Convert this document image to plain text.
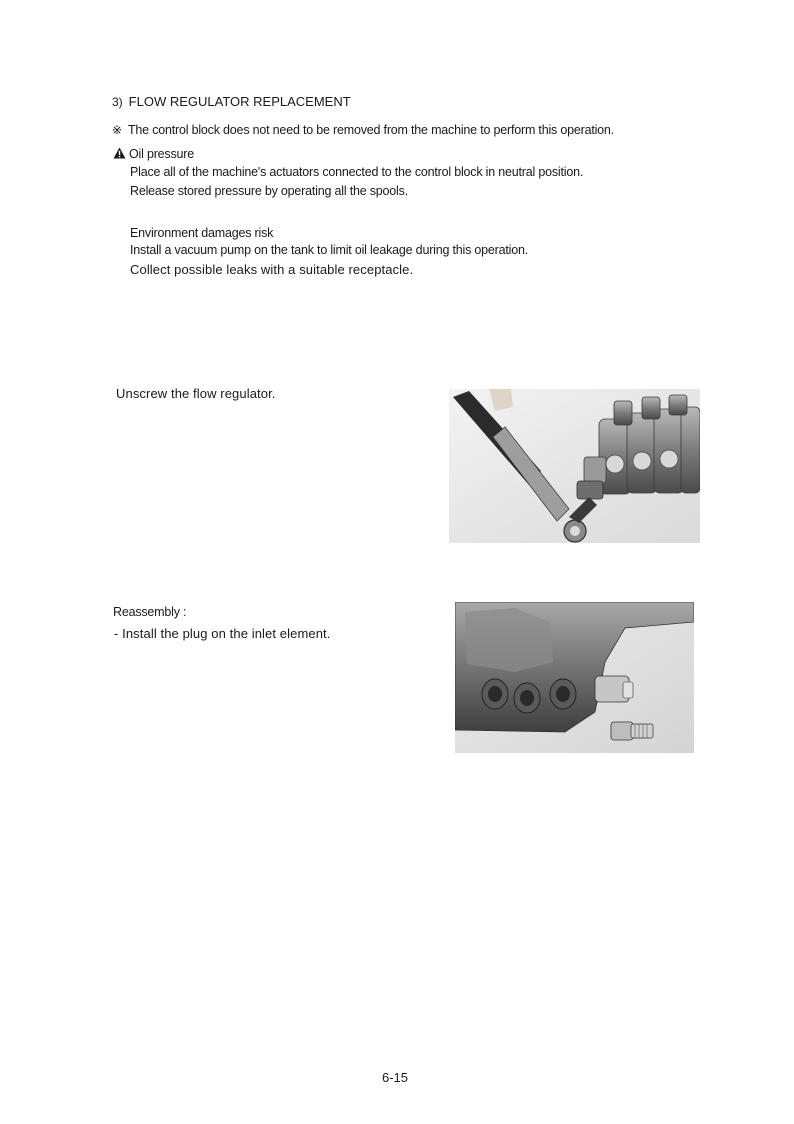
3) FLOW REGULATOR REPLACEMENT
※ The control block does not need to be removed from the machine to perform this operation.
Oil pressure
Place all of the machine's actuators connected to the control block in neutral position.
Release stored pressure by operating all the spools.
Environment damages risk
Install a vacuum pump on the tank to limit oil leakage during this operation.
Collect possible leaks with a suitable receptacle.
Unscrew the flow regulator.
Reassembly :
- Install the plug on the inlet element.
6-15
